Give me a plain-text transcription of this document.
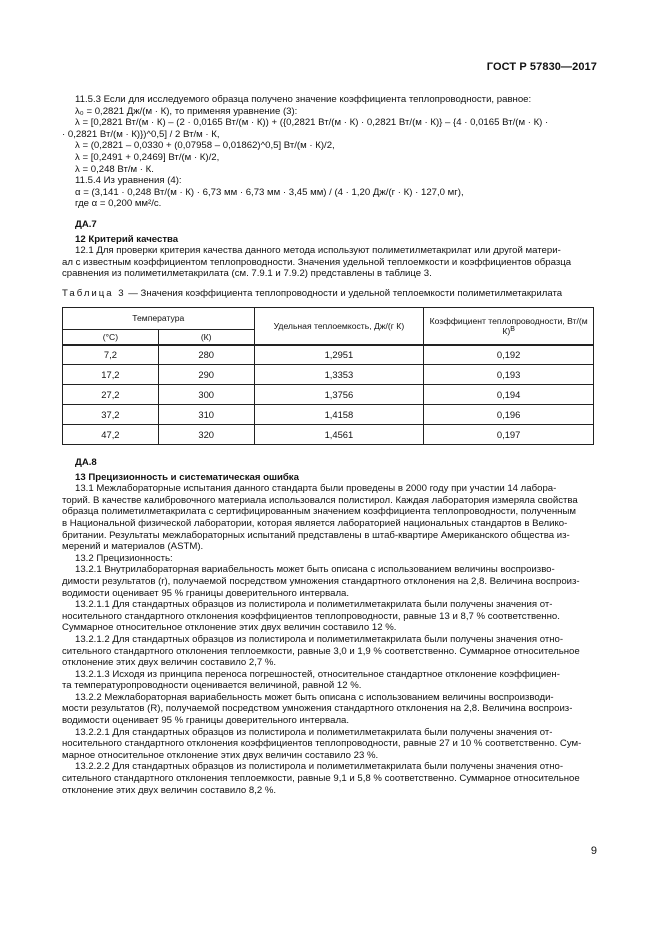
ГОСТ Р 57830—2017
11.5.3 Если для исследуемого образца получено значение коэффициента теплопроводности, равное:
λ₀ = 0,2821 Дж/(м · К), то применяя уравнение (3):
λ = [0,2821 Вт/(м · К) – (2 · 0,0165 Вт/(м · К)) + ({0,2821 Вт/(м · К) · 0,2821 Вт/(м · К)} – {4 · 0,0165 Вт/(м · К) ·
· 0,2821 Вт/(м · К)})^0,5] / 2 Вт/м · К,
λ = (0,2821 – 0,0330 + (0,07958 – 0,01862)^0,5] Вт/(м · К)/2,
λ = [0,2491 + 0,2469] Вт/(м · К)/2,
λ = 0,248 Вт/м · К.
11.5.4 Из уравнения (4):
α = (3,141 · 0,248 Вт/(м · К) · 6,73 мм · 6,73 мм · 3,45 мм) / (4 · 1,20 Дж/(г · К) · 127,0 мг),
где α = 0,200 мм²/с.
ДА.7
12 Критерий качества
12.1 Для проверки критерия качества данного метода используют полиметилметакрилат или другой матери-
ал с известным коэффициентом теплопроводности. Значения удельной теплоемкости и коэффициентов образца
сравнения из полиметилметакрилата (см. 7.9.1 и 7.9.2) представлены в таблице 3.
Таблица 3 — Значения коэффициента теплопроводности и удельной теплоемкости полиметилметакрилата
Температура		Удельная теплоемкость, Дж/(г К)	Коэффициент теплопроводности, Вт/(м К)$^В$
(°С)	(К)		
7,2	280	1,2951	0,192
17,2	290	1,3353	0,193
27,2	300	1,3756	0,194
37,2	310	1,4158	0,196
47,2	320	1,4561	0,197
ДА.8
13 Прецизионность и систематическая ошибка
13.1 Межлабораторные испытания данного стандарта были проведены в 2000 году при участии 14 лабора-
торий. В качестве калибровочного материала использовался полистирол. Каждая лаборатория измеряла свойства
образца полиметилметакрилата с сертифицированным значением коэффициента теплопроводности, полученным
в Национальной физической лаборатории, которая является лабораторией национальных стандартов в Велико-
британии. Результаты межлабораторных испытаний представлены в штаб-квартире Американского общества из-
мерений и материалов (ASTM).
13.2 Прецизионность:
13.2.1 Внутрилабораторная вариабельность может быть описана с использованием величины воспроизво-
димости результатов (r), получаемой посредством умножения стандартного отклонения на 2,8. Величина воспроиз-
водимости оценивает 95 % границы доверительного интервала.
13.2.1.1 Для стандартных образцов из полистирола и полиметилметакрилата были получены значения от-
носительного стандартного отклонения коэффициентов теплопроводности, равные 13 и 8,7 % соответственно.
Суммарное относительное отклонение этих двух величин составило 12 %.
13.2.1.2 Для стандартных образцов из полистирола и полиметилметакрилата были получены значения отно-
сительного стандартного отклонения теплоемкости, равные 3,0 и 1,9 % соответственно. Суммарное относительное
отклонение этих двух величин составило 2,7 %.
13.2.1.3 Исходя из принципа переноса погрешностей, относительное стандартное отклонение коэффициен-
та температуропроводности оценивается величиной, равной 12 %.
13.2.2 Межлабораторная вариабельность может быть описана с использованием величины воспроизводи-
мости результатов (R), получаемой посредством умножения стандартного отклонения на 2,8. Величина воспроиз-
водимости оценивает 95 % границы доверительного интервала.
13.2.2.1 Для стандартных образцов из полистирола и полиметилметакрилата были получены значения от-
носительного стандартного отклонения коэффициентов теплопроводности, равные 27 и 10 % соответственно. Сум-
марное относительное отклонение этих двух величин составило 23 %.
13.2.2.2 Для стандартных образцов из полистирола и полиметилметакрилата были получены значения отно-
сительного стандартного отклонения теплоемкости, равные 9,1 и 5,8 % соответственно. Суммарное относительное
отклонение этих двух величин составило 8,2 %.
9
